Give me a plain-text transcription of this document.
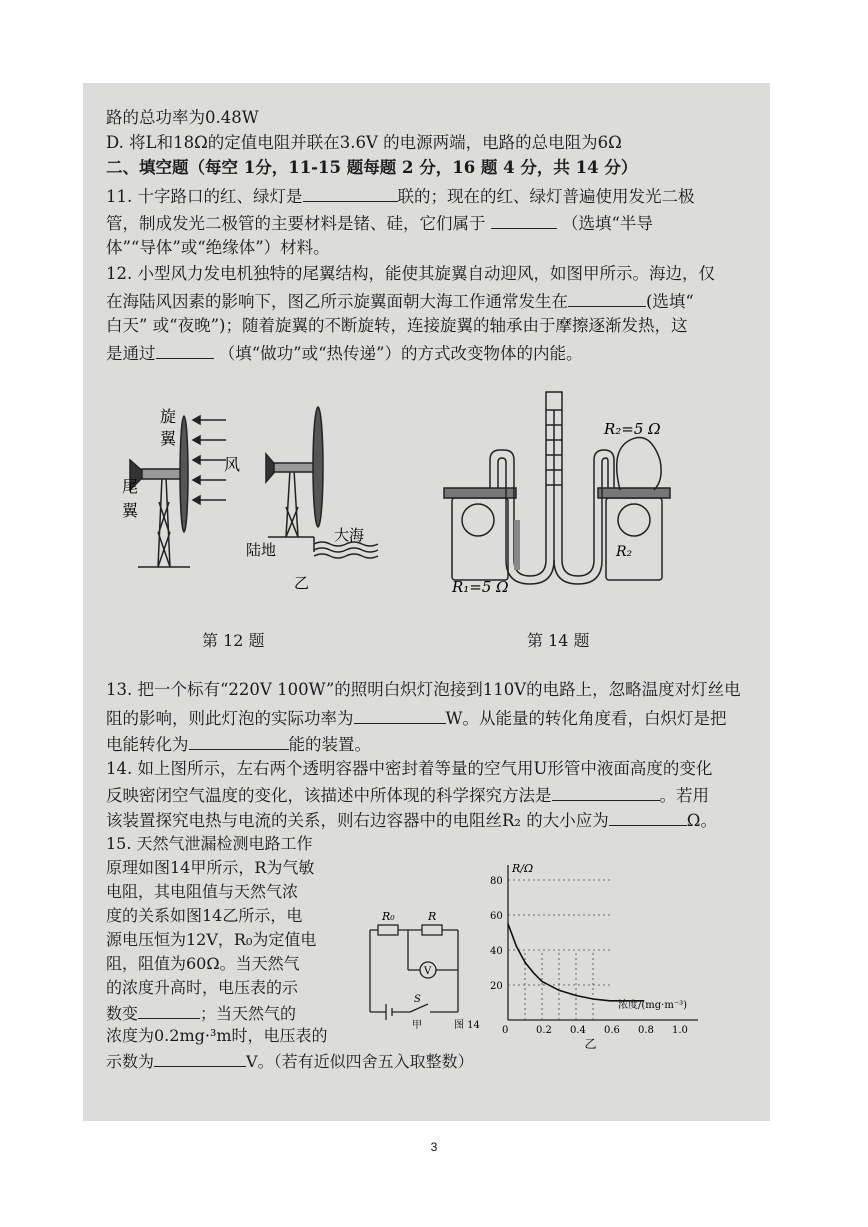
路的总功率为0.48W
D. 将L和18Ω的定值电阻并联在3.6V 的电源两端，电路的总电阻为6Ω
二、填空题（每空 1分，11-15 题每题 2 分，16 题 4 分，共 14 分）
11. 十字路口的红、绿灯是	联的；现在的红、绿灯普遍使用发光二极
管，制成发光二极管的主要材料是锗、硅，它们属于	（选填“半导
体”“导体”或“绝缘体”）材料。
12. 小型风力发电机独特的尾翼结构，能使其旋翼自动迎风，如图甲所示。海边，仅
在海陆风因素的影响下，图乙所示旋翼面朝大海工作通常发生在	(选填“
白天” 或“夜晚”)；随着旋翼的不断旋转，连接旋翼的轴承由于摩擦逐渐发热，这
是通过	（填“做功”或“热传递”）的方式改变物体的内能。
13. 把一个标有“220V 100W”的照明白炽灯泡接到110V的电路上，忽略温度对灯丝电
阻的影响，则此灯泡的实际功率为	W。从能量的转化角度看，白炽灯是把
电能转化为	能的装置。
14. 如上图所示，左右两个透明容器中密封着等量的空气用U形管中液面高度的变化
反映密闭空气温度的变化，该描述中所体现的科学探究方法是	。若用
该装置探究电热与电流的关系，则右边容器中的电阻丝R₂ 的大小应为	Ω。
15. 天然气泄漏检测电路工作
原理如图14甲所示，R为气敏
电阻，其电阻值与天然气浓
度的关系如图14乙所示，电
源电压恒为12V，R₀为定值电
阻，阻值为60Ω。当天然气
的浓度升高时，电压表的示
数变	；当天然气的
浓度为0.2mg·³m时，电压表的
示数为	V。（若有近似四舍五入取整数）
旋
翼
尾
翼
风
陆地
大海
乙	R₁=5 Ω
R₂=5 Ω
R₂
第 12 题	第 14 题
R₀	R
V
S
甲	图 14
R/Ω
浓度/(mg·m⁻³)
0	0.2 0.4 0.6 0.8 1.0
20
40
60
80
乙
3
